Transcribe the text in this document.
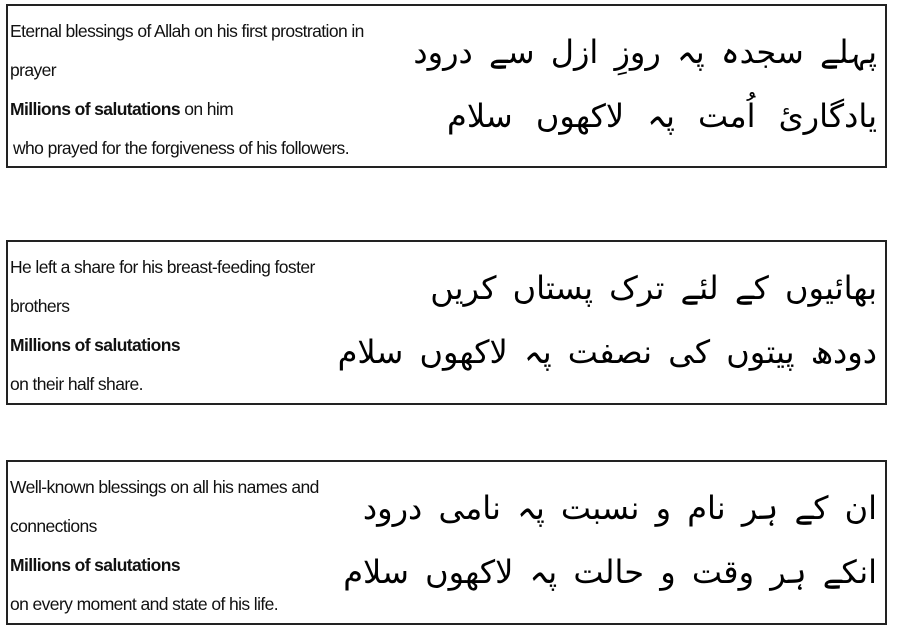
Eternal blessings of Allah on his first prostration in
prayer
Millions of salutations on him
who prayed for the forgiveness of his followers.
پہلے سجدہ پہ روزِ ازل سے درود
یادگاریٔ اُمت پہ لاکھوں سلام
He left a share for his breast-feeding foster
brothers
Millions of salutations
on their half share.
بھائیوں کے لئے ترک پستاں کریں
دودھ پیتوں کی نصفت پہ لاکھوں سلام
Well-known blessings on all his names and
connections
Millions of salutations
on every moment and state of his life.
ان کے ہر نام و نسبت پہ نامی درود
انکے ہر وقت و حالت پہ لاکھوں سلام
